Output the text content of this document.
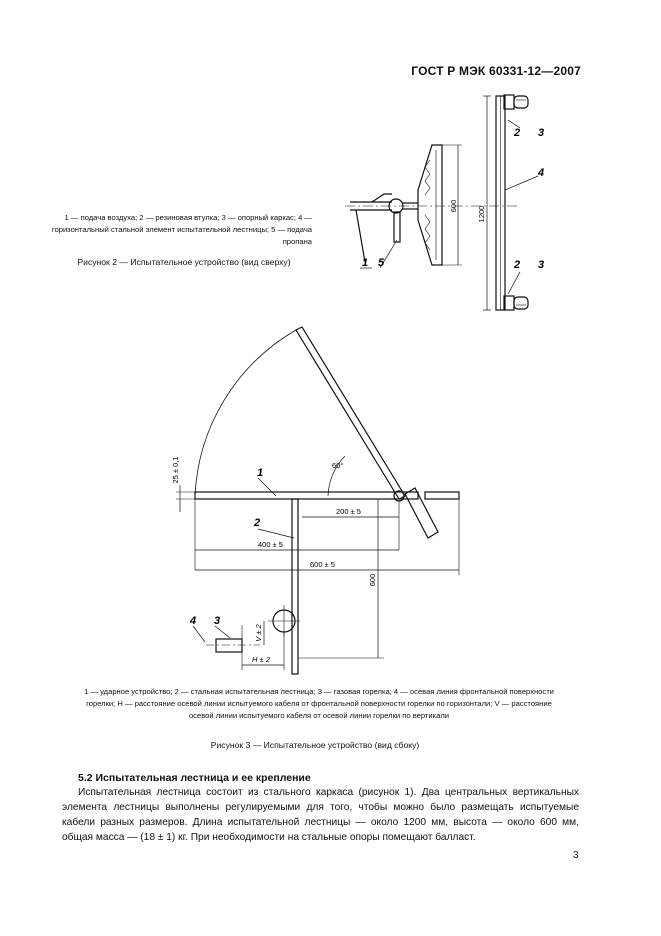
ГОСТ Р МЭК 60331-12—2007
2 3
4
2 3
1 5
600	1200
1 — подача воздуха; 2 — резиновая втулка; 3 — опорный каркас; 4 — горизонтальный стальной элемент испытательной лестницы; 5 — подача пропана
Рисунок 2 — Испытательное устройство (вид сверху)
1
2
4 3
60°
25 ± 0,1
200 ± 5
400 ± 5
600 ± 5
600
V ± 2
H ± 2
1 — ударное устройство; 2 — стальная испытательная лестница; 3 — газовая горелка; 4 — осевая линия фронтальной поверхности горелки; H — расстояние осевой линии испытуемого кабеля от фронтальной поверхности горелки по горизонтали; V — расстояние осевой линии испытуемого кабеля от осевой линии горелки по вертикали
Рисунок 3 — Испытательное устройство (вид сбоку)
5.2 Испытательная лестница и ее крепление
Испытательная лестница состоит из стального каркаса (рисунок 1). Два центральных вертикальных элемента лестницы выполнены регулируемыми для того, чтобы можно было размещать испытуемые кабели разных размеров. Длина испытательной лестницы — около 1200 мм, высота — около 600 мм, общая масса — (18 ± 1) кг. При необходимости на стальные опоры помещают балласт.
3
